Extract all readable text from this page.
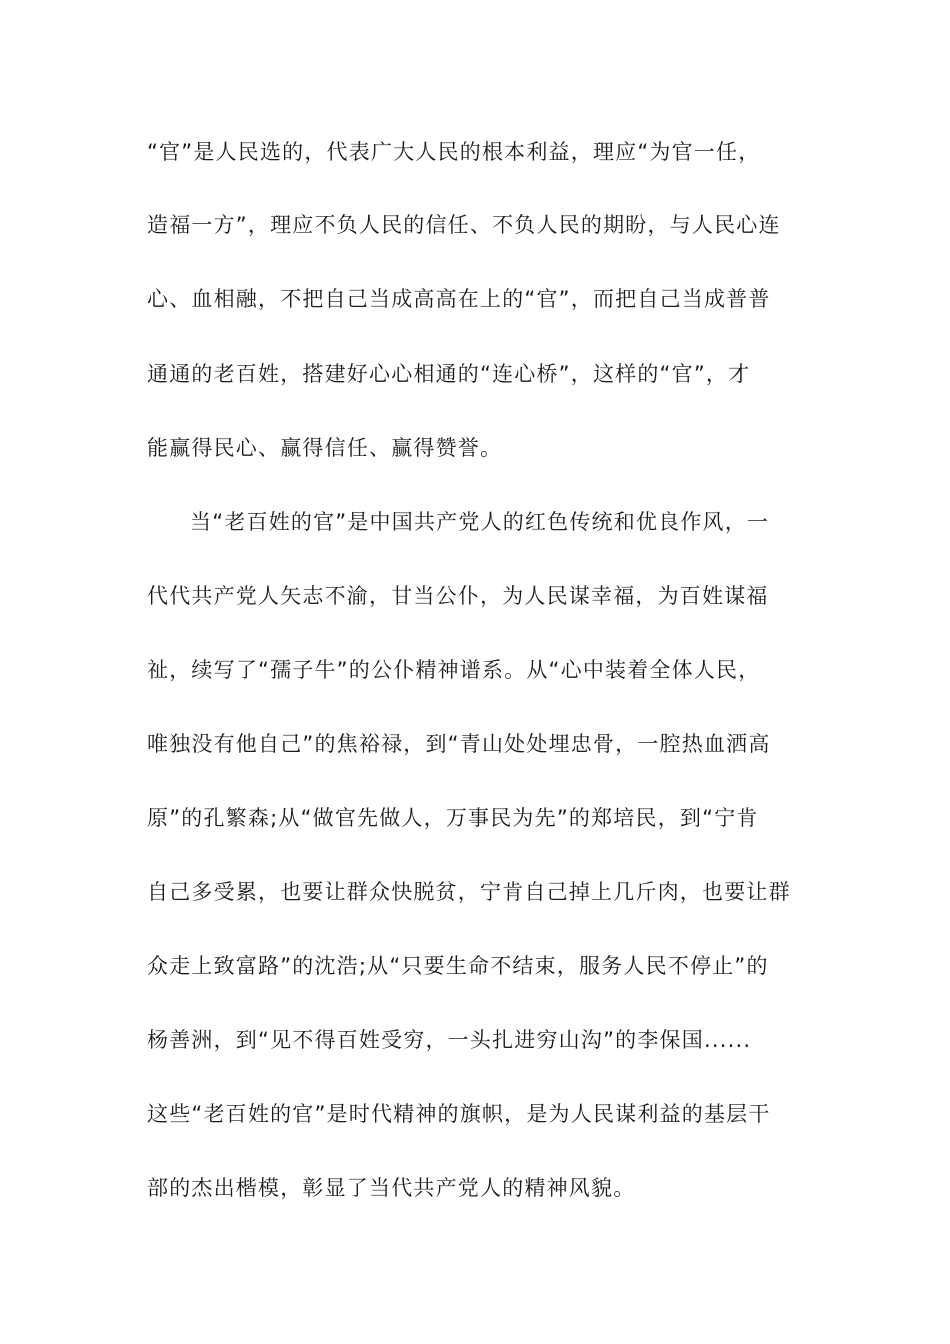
“官”是人民选的，代表广大人民的根本利益，理应“为官一任，
造福一方”，理应不负人民的信任、不负人民的期盼，与人民心连
心、血相融，不把自己当成高高在上的“官”，而把自己当成普普
通通的老百姓，搭建好心心相通的“连心桥”，这样的“官”，才
能赢得民心、赢得信任、赢得赞誉。
当“老百姓的官”是中国共产党人的红色传统和优良作风，一
代代共产党人矢志不渝，甘当公仆，为人民谋幸福，为百姓谋福
祉，续写了“孺子牛”的公仆精神谱系。从“心中装着全体人民，
唯独没有他自己”的焦裕禄，到“青山处处埋忠骨，一腔热血洒高
原”的孔繁森;从“做官先做人，万事民为先”的郑培民，到“宁肯
自己多受累，也要让群众快脱贫，宁肯自己掉上几斤肉，也要让群
众走上致富路”的沈浩;从“只要生命不结束，服务人民不停止”的
杨善洲，到“见不得百姓受穷，一头扎进穷山沟”的李保国......
这些“老百姓的官”是时代精神的旗帜，是为人民谋利益的基层干
部的杰出楷模，彰显了当代共产党人的精神风貌。
